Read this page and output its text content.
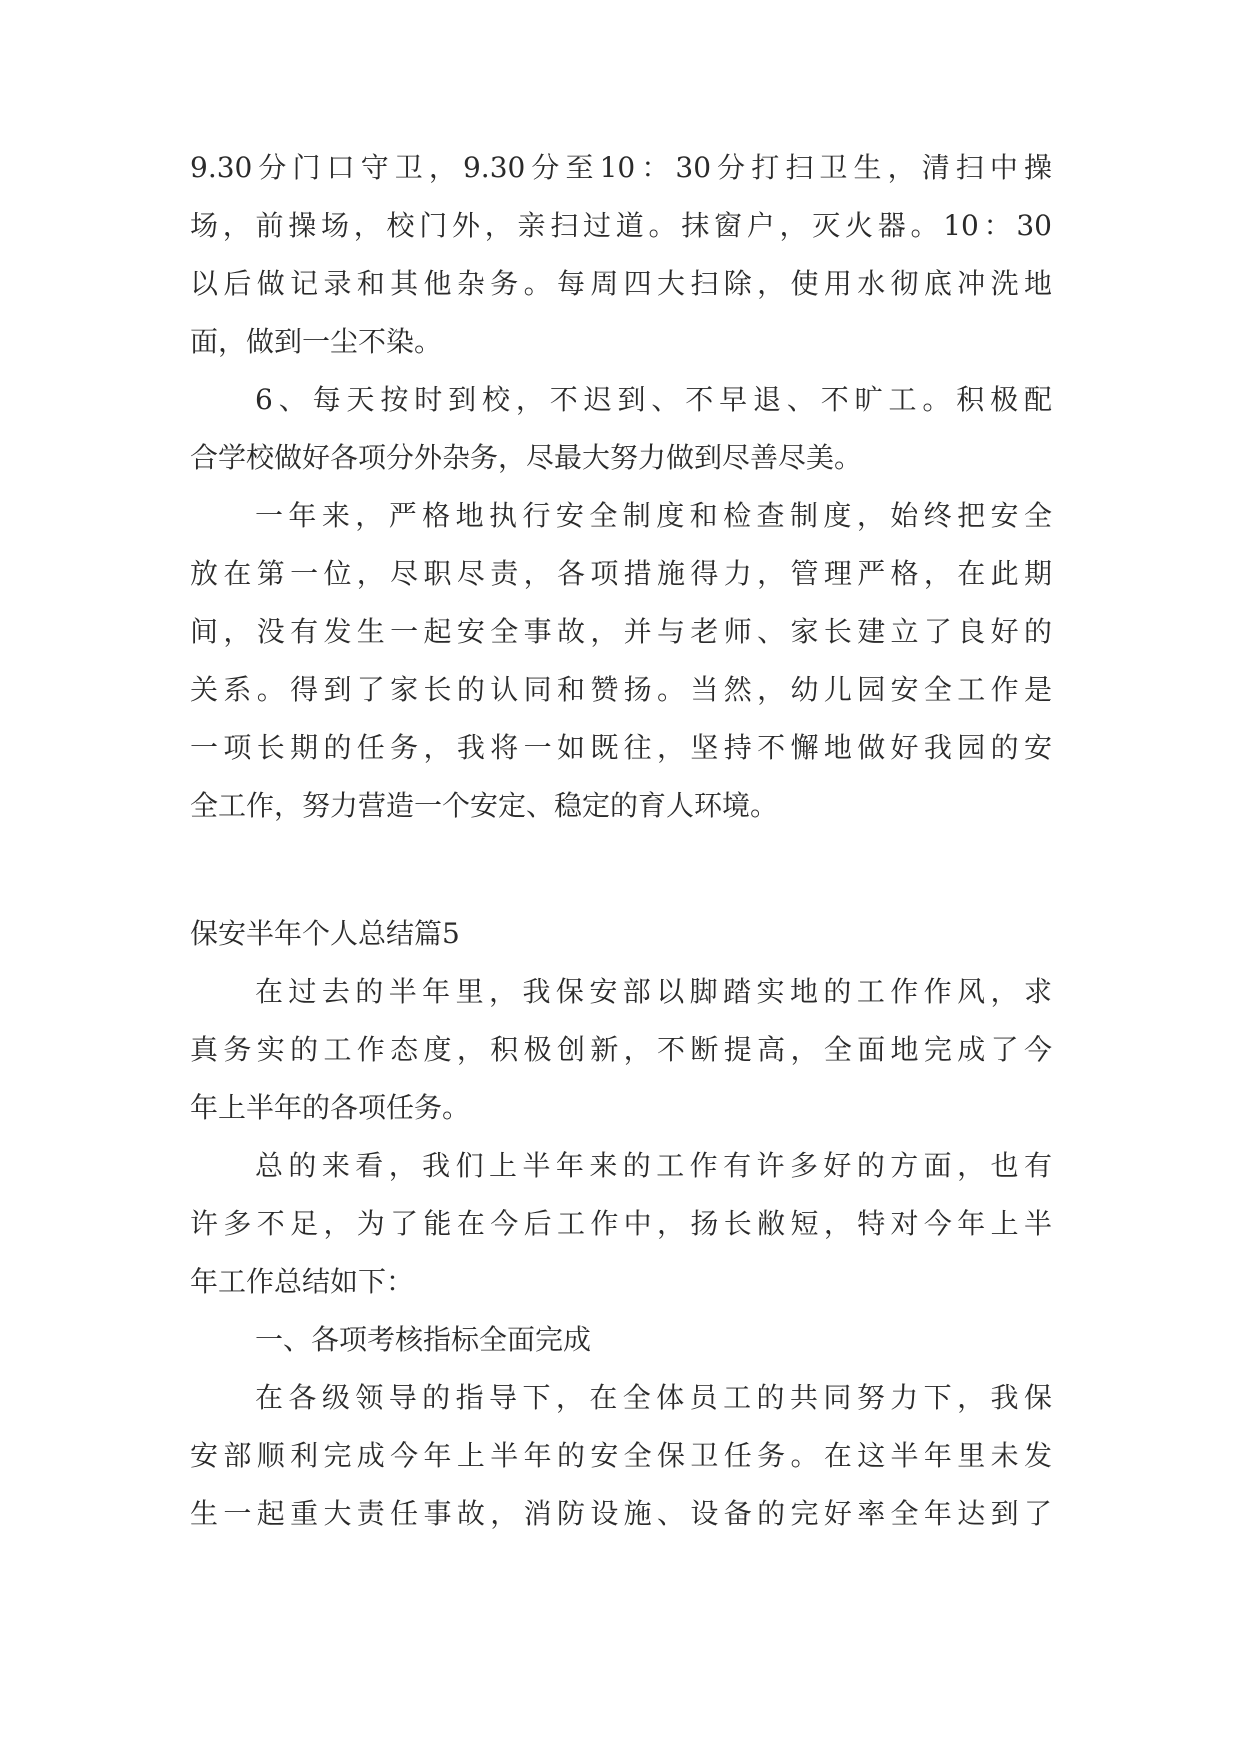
9.30分门口守卫，9.30分至10：30分打扫卫生，清扫中操
场，前操场，校门外，亲扫过道。抹窗户，灭火器。10：30
以后做记录和其他杂务。每周四大扫除，使用水彻底冲洗地
面，做到一尘不染。
6、每天按时到校，不迟到、不早退、不旷工。积极配
合学校做好各项分外杂务，尽最大努力做到尽善尽美。
一年来，严格地执行安全制度和检查制度，始终把安全
放在第一位，尽职尽责，各项措施得力，管理严格，在此期
间，没有发生一起安全事故，并与老师、家长建立了良好的
关系。得到了家长的认同和赞扬。当然，幼儿园安全工作是
一项长期的任务，我将一如既往，坚持不懈地做好我园的安
全工作，努力营造一个安定、稳定的育人环境。
保安半年个人总结篇5
在过去的半年里，我保安部以脚踏实地的工作作风，求
真务实的工作态度，积极创新，不断提高，全面地完成了今
年上半年的各项任务。
总的来看，我们上半年来的工作有许多好的方面，也有
许多不足，为了能在今后工作中，扬长敝短，特对今年上半
年工作总结如下：
一、各项考核指标全面完成
在各级领导的指导下，在全体员工的共同努力下，我保
安部顺利完成今年上半年的安全保卫任务。在这半年里未发
生一起重大责任事故，消防设施、设备的完好率全年达到了
